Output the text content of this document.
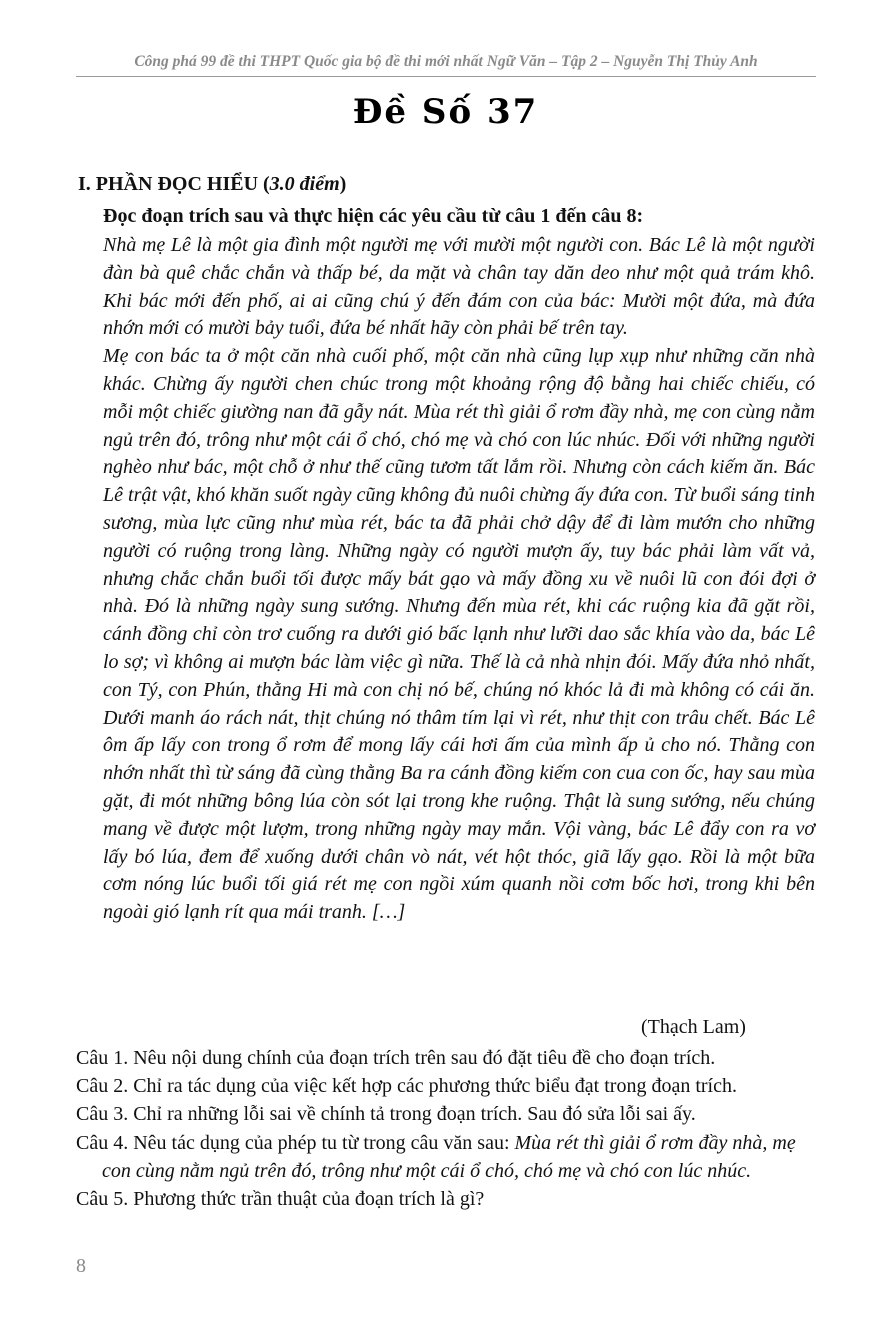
Công phá 99 đề thi THPT Quốc gia bộ đề thi mới nhất Ngữ Văn – Tập 2 – Nguyễn Thị Thủy Anh
Đề Số 37
I. PHẦN ĐỌC HIỂU (3.0 điểm)
Đọc đoạn trích sau và thực hiện các yêu cầu từ câu 1 đến câu 8:

Nhà mẹ Lê là một gia đình một người mẹ với mười một người con. Bác Lê là một người đàn bà quê chắc chắn và thấp bé, da mặt và chân tay dăn deo như một quả trám khô. Khi bác mới đến phố, ai ai cũng chú ý đến đám con của bác: Mười một đứa, mà đứa nhớn mới có mười bảy tuổi, đứa bé nhất hãy còn phải bế trên tay.

Mẹ con bác ta ở một căn nhà cuối phố, một căn nhà cũng lụp xụp như những căn nhà khác. Chừng ấy người chen chúc trong một khoảng rộng độ bằng hai chiếc chiếu, có mỗi một chiếc giường nan đã gẫy nát. Mùa rét thì giải ổ rơm đầy nhà, mẹ con cùng nằm ngủ trên đó, trông như một cái ổ chó, chó mẹ và chó con lúc nhúc. Đối với những người nghèo như bác, một chỗ ở như thế cũng tươm tất lắm rồi. Nhưng còn cách kiếm ăn. Bác Lê trật vật, khó khăn suốt ngày cũng không đủ nuôi chừng ấy đứa con. Từ buổi sáng tinh sương, mùa lực cũng như mùa rét, bác ta đã phải chở dậy để đi làm mướn cho những người có ruộng trong làng. Những ngày có người mượn ấy, tuy bác phải làm vất vả, nhưng chắc chắn buổi tối được mấy bát gạo và mấy đồng xu về nuôi lũ con đói đợi ở nhà. Đó là những ngày sung sướng. Nhưng đến mùa rét, khi các ruộng kia đã gặt rồi, cánh đồng chỉ còn trơ cuống ra dưới gió bấc lạnh như lưỡi dao sắc khía vào da, bác Lê lo sợ; vì không ai mượn bác làm việc gì nữa. Thế là cả nhà nhịn đói. Mấy đứa nhỏ nhất, con Tý, con Phún, thằng Hi mà con chị nó bế, chúng nó khóc lả đi mà không có cái ăn. Dưới manh áo rách nát, thịt chúng nó thâm tím lại vì rét, như thịt con trâu chết. Bác Lê ôm ấp lấy con trong ổ rơm để mong lấy cái hơi ấm của mình ấp ủ cho nó. Thằng con nhớn nhất thì từ sáng đã cùng thằng Ba ra cánh đồng kiếm con cua con ốc, hay sau mùa gặt, đi mót những bông lúa còn sót lại trong khe ruộng. Thật là sung sướng, nếu chúng mang về được một lượm, trong những ngày may mắn. Vội vàng, bác Lê đẩy con ra vơ lấy bó lúa, đem để xuống dưới chân vò nát, vét hột thóc, giã lấy gạo. Rồi là một bữa cơm nóng lúc buổi tối giá rét mẹ con ngồi xúm quanh nồi cơm bốc hơi, trong khi bên ngoài gió lạnh rít qua mái tranh. […]

(Thạch Lam)
Câu 1. Nêu nội dung chính của đoạn trích trên sau đó đặt tiêu đề cho đoạn trích.
Câu 2. Chỉ ra tác dụng của việc kết hợp các phương thức biểu đạt trong đoạn trích.
Câu 3. Chỉ ra những lỗi sai về chính tả trong đoạn trích. Sau đó sửa lỗi sai ấy.
Câu 4. Nêu tác dụng của phép tu từ trong câu văn sau: Mùa rét thì giải ổ rơm đầy nhà, mẹ con cùng nằm ngủ trên đó, trông như một cái ổ chó, chó mẹ và chó con lúc nhúc.
Câu 5. Phương thức trần thuật của đoạn trích là gì?
8
